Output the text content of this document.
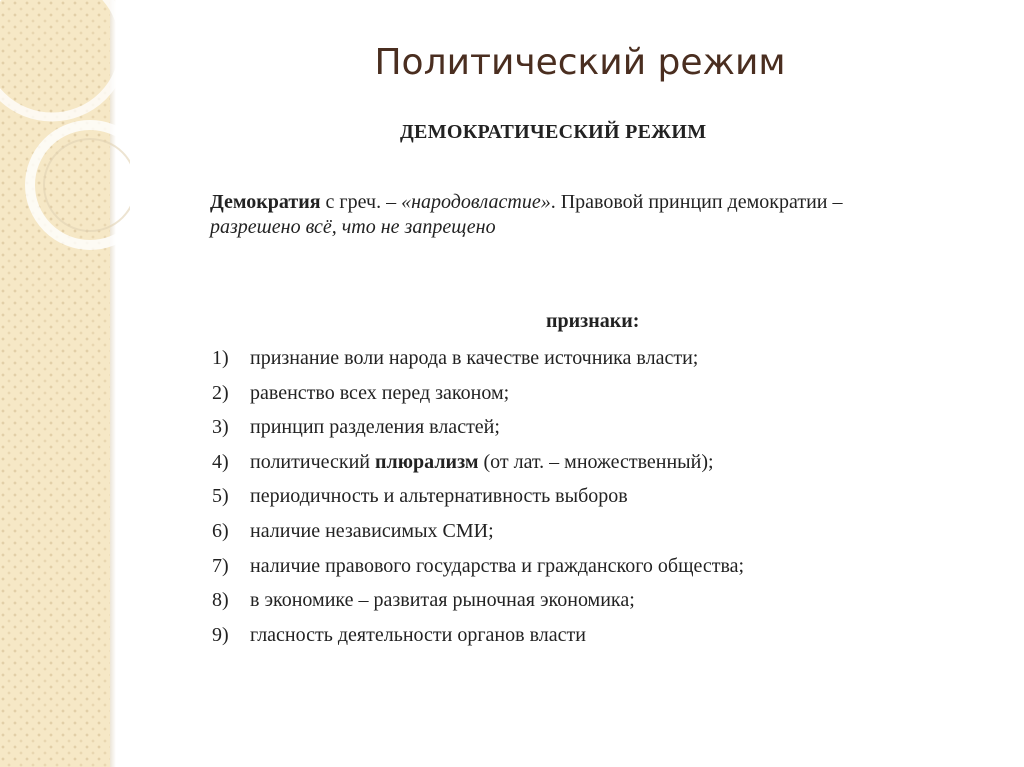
Политический режим
ДЕМОКРАТИЧЕСКИЙ РЕЖИМ
Демократия с греч. – «народовластие». Правовой принцип демократии –
разрешено всё, что не запрещено
признаки:
1) признание воли народа в качестве источника власти;
2) равенство всех перед законом;
3) принцип разделения властей;
4) политический плюрализм (от лат. – множественный);
5) периодичность и альтернативность выборов
6) наличие независимых СМИ;
7) наличие правового государства и гражданского общества;
8) в экономике – развитая рыночная экономика;
9) гласность деятельности органов власти
